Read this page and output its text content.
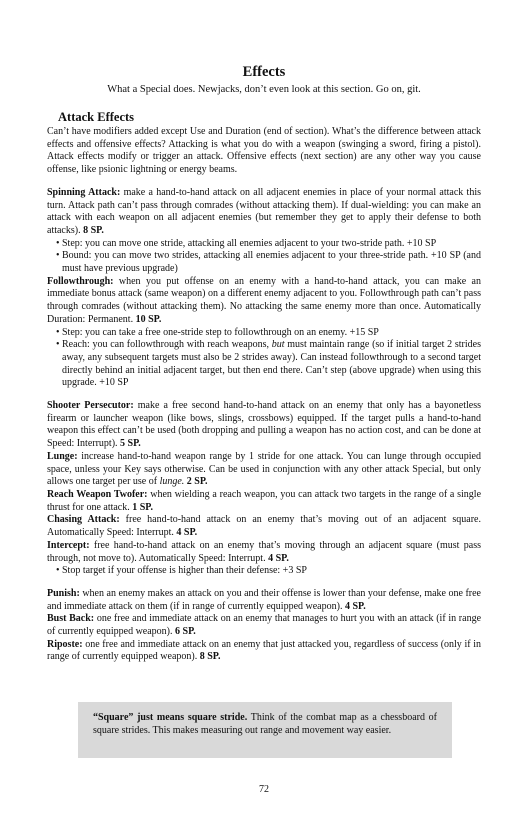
Effects
What a Special does. Newjacks, don’t even look at this section. Go on, git.
Attack Effects

Can’t have modifiers added except Use and Duration (end of section). What’s the difference between attack effects and offensive effects? Attacking is what you do with a weapon (swinging a sword, firing a pistol). Attack effects modify or trigger an attack. Offensive effects (next section) are any other way you cause offense, like psionic lightning or energy beams.

Spinning Attack: make a hand-to-hand attack on all adjacent enemies in place of your normal attack this turn. Attack path can’t pass through comrades (without attacking them). If dual-wielding: you can make an attack with each weapon on all adjacent enemies (but remember they get to apply their defense to both attacks). 8 SP.

• Step: you can move one stride, attacking all enemies adjacent to your two-stride path. +10 SP
• Bound: you can move two strides, attacking all enemies adjacent to your three-stride path. +10 SP (and must have previous upgrade)

Followthrough: when you put offense on an enemy with a hand-to-hand attack, you can make an immediate bonus attack (same weapon) on a different enemy adjacent to you. Followthrough path can’t pass through comrades (without attacking them). No attacking the same enemy more than once. Automatically Duration: Permanent. 10 SP.

• Step: you can take a free one-stride step to followthrough on an enemy. +15 SP
• Reach: you can followthrough with reach weapons, but must maintain range (so if initial target 2 strides away, any subsequent targets must also be 2 strides away). Can instead followthrough to a second target directly behind an initial adjacent target, but then end there. Can’t step (above upgrade) when using this upgrade. +10 SP

Shooter Persecutor: make a free second hand-to-hand attack on an enemy that only has a bayonetless firearm or launcher weapon (like bows, slings, crossbows) equipped. If the target pulls a hand-to-hand weapon this effect can’t be used (both dropping and pulling a weapon has no action cost, and can be done at Speed: Interrupt). 5 SP.

Lunge: increase hand-to-hand weapon range by 1 stride for one attack. You can lunge through occupied space, unless your Key says otherwise. Can be used in conjunction with any other attack Special, but only allows one target per use of lunge. 2 SP.

Reach Weapon Twofer: when wielding a reach weapon, you can attack two targets in the range of a single thrust for one attack. 1 SP.

Chasing Attack: free hand-to-hand attack on an enemy that’s moving out of an adjacent square. Automatically Speed: Interrupt. 4 SP.

Intercept: free hand-to-hand attack on an enemy that’s moving through an adjacent square (must pass through, not move to). Automatically Speed: Interrupt. 4 SP.

• Stop target if your offense is higher than their defense: +3 SP

Punish: when an enemy makes an attack on you and their offense is lower than your defense, make one free and immediate attack on them (if in range of currently equipped weapon). 4 SP.

Bust Back: one free and immediate attack on an enemy that manages to hurt you with an attack (if in range of currently equipped weapon). 6 SP.

Riposte: one free and immediate attack on an enemy that just attacked you, regardless of success (only if in range of currently equipped weapon). 8 SP.

“Square” just means square stride. Think of the combat map as a chessboard of square strides. This makes measuring out range and movement way easier.

72
